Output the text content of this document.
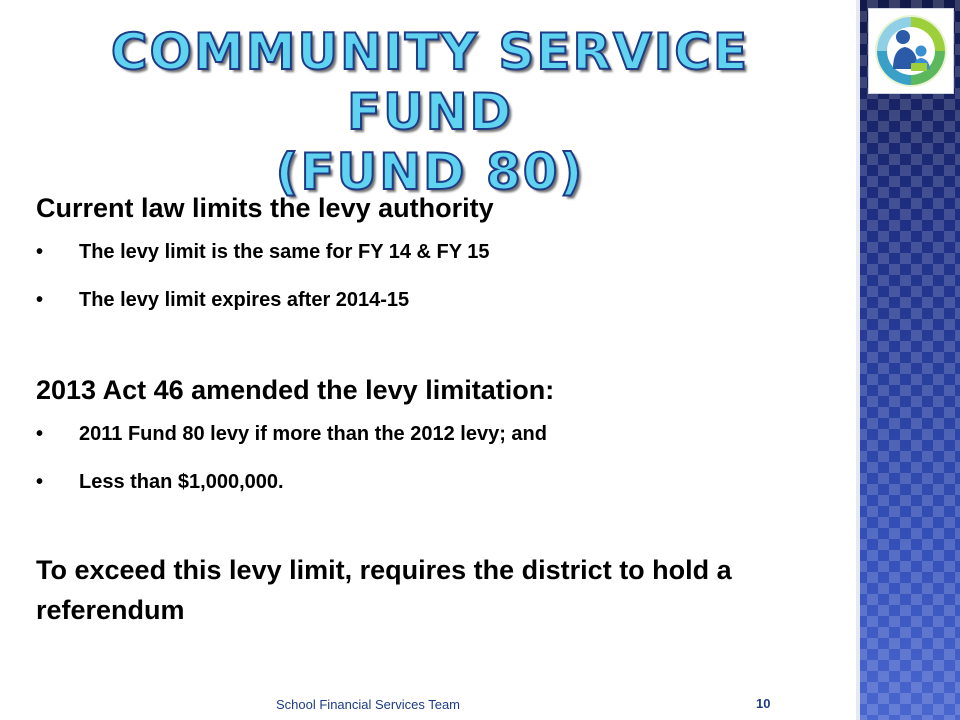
COMMUNITY SERVICE FUND
(FUND 80)
Current law limits the levy authority
• The levy limit is the same for FY 14 & FY 15
• The levy limit expires after 2014-15
2013 Act 46 amended the levy limitation:
• 2011 Fund 80 levy if more than the 2012 levy; and
• Less than $1,000,000.
To exceed this levy limit, requires the district to hold a referendum
School Financial Services Team	10
